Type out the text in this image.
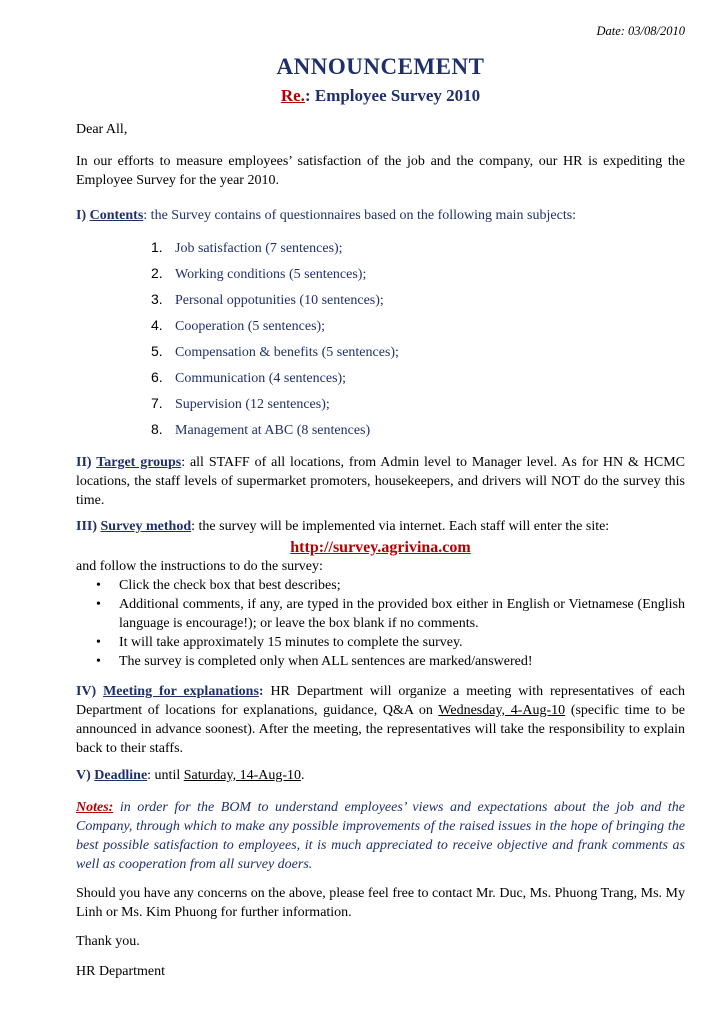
Date: 03/08/2010
ANNOUNCEMENT
Re.: Employee Survey 2010
Dear All,
In our efforts to measure employees’ satisfaction of the job and the company, our HR is expediting the Employee Survey for the year 2010.
I) Contents: the Survey contains of questionnaires based on the following main subjects:
1. Job satisfaction (7 sentences);
2. Working conditions (5 sentences);
3. Personal oppotunities (10 sentences);
4. Cooperation (5 sentences);
5. Compensation & benefits (5 sentences);
6. Communication (4 sentences);
7. Supervision (12 sentences);
8. Management at ABC (8 sentences)
II) Target groups: all STAFF of all locations, from Admin level to Manager level. As for HN & HCMC locations, the staff levels of supermarket promoters, housekeepers, and drivers will NOT do the survey this time.
III) Survey method: the survey will be implemented via internet. Each staff will enter the site:
http://survey.agrivina.com
and follow the instructions to do the survey:
• Click the check box that best describes;
• Additional comments, if any, are typed in the provided box either in English or Vietnamese (English language is encourage!); or leave the box blank if no comments.
• It will take approximately 15 minutes to complete the survey.
• The survey is completed only when ALL sentences are marked/answered!
IV) Meeting for explanations: HR Department will organize a meeting with representatives of each Department of locations for explanations, guidance, Q&A on Wednesday, 4-Aug-10 (specific time to be announced in advance soonest). After the meeting, the representatives will take the responsibility to explain back to their staffs.
V) Deadline: until Saturday, 14-Aug-10.
Notes: in order for the BOM to understand employees’ views and expectations about the job and the Company, through which to make any possible improvements of the raised issues in the hope of bringing the best possible satisfaction to employees, it is much appreciated to receive objective and frank comments as well as cooperation from all survey doers.
Should you have any concerns on the above, please feel free to contact Mr. Duc, Ms. Phuong Trang, Ms. My Linh or Ms. Kim Phuong for further information.
Thank you.
HR Department
